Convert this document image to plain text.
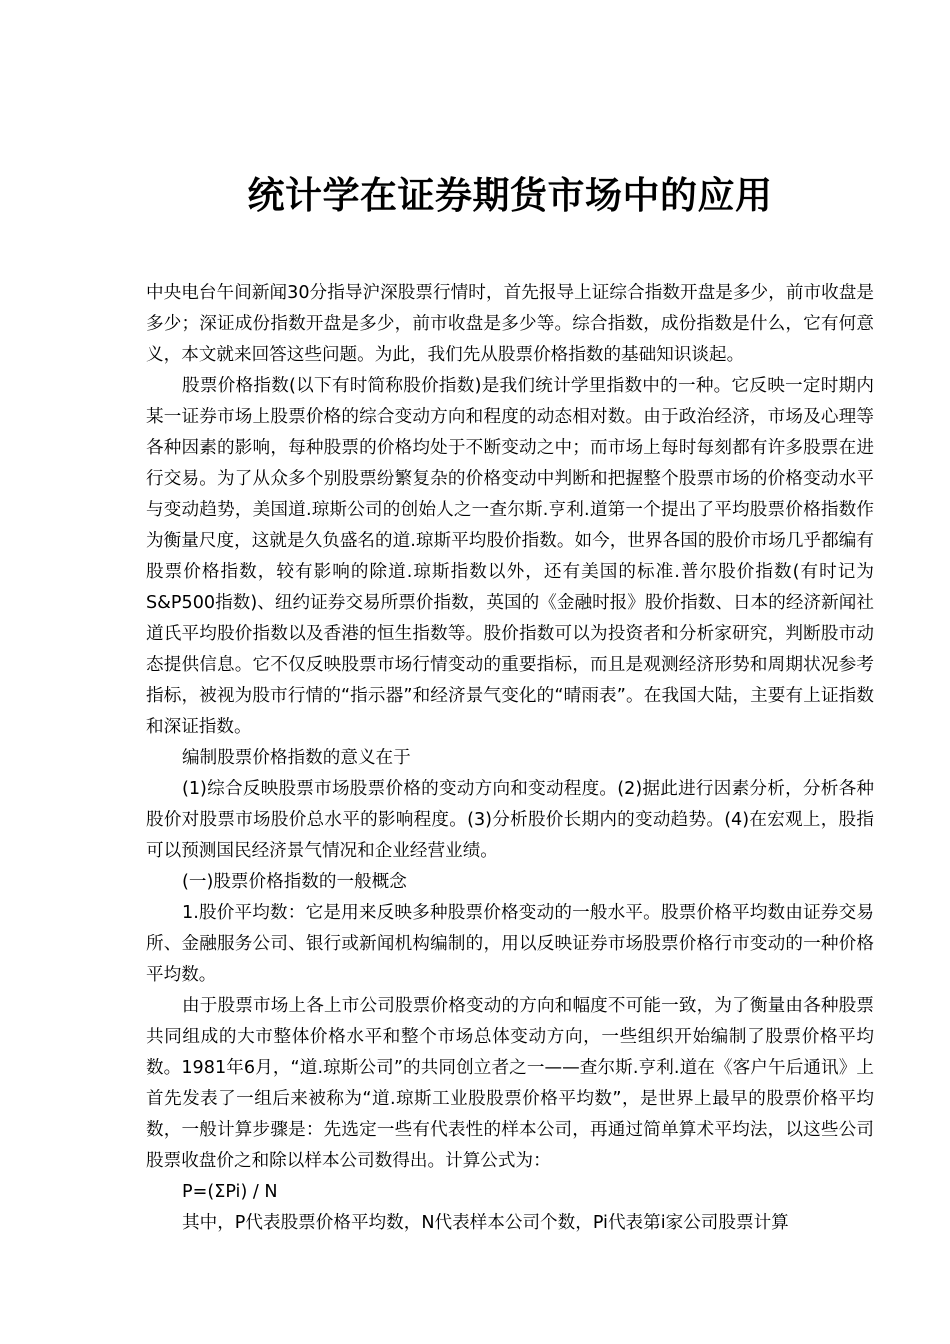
统计学在证券期货市场中的应用

中央电台午间新闻30分指导沪深股票行情时，首先报导上证综合指数开盘是多少，前市收盘是多少；深证成份指数开盘是多少，前市收盘是多少等。综合指数，成份指数是什么，它有何意义，本文就来回答这些问题。为此，我们先从股票价格指数的基础知识谈起。

股票价格指数(以下有时简称股价指数)是我们统计学里指数中的一种。它反映一定时期内某一证券市场上股票价格的综合变动方向和程度的动态相对数。由于政治经济，市场及心理等各种因素的影响，每种股票的价格均处于不断变动之中；而市场上每时每刻都有许多股票在进行交易。为了从众多个别股票纷繁复杂的价格变动中判断和把握整个股票市场的价格变动水平与变动趋势，美国道.琼斯公司的创始人之一查尔斯.亨利.道第一个提出了平均股票价格指数作为衡量尺度，这就是久负盛名的道.琼斯平均股价指数。如今，世界各国的股价市场几乎都编有股票价格指数，较有影响的除道.琼斯指数以外，还有美国的标准.普尔股价指数(有时记为S&P500指数)、纽约证券交易所票价指数，英国的《金融时报》股价指数、日本的经济新闻社道氏平均股价指数以及香港的恒生指数等。股价指数可以为投资者和分析家研究，判断股市动态提供信息。它不仅反映股票市场行情变动的重要指标，而且是观测经济形势和周期状况参考指标，被视为股市行情的“指示器”和经济景气变化的“晴雨表”。在我国大陆，主要有上证指数和深证指数。

编制股票价格指数的意义在于

(1)综合反映股票市场股票价格的变动方向和变动程度。(2)据此进行因素分析，分析各种股价对股票市场股价总水平的影响程度。(3)分析股价长期内的变动趋势。(4)在宏观上，股指可以预测国民经济景气情况和企业经营业绩。

(一)股票价格指数的一般概念

1.股价平均数：它是用来反映多种股票价格变动的一般水平。股票价格平均数由证券交易所、金融服务公司、银行或新闻机构编制的，用以反映证券市场股票价格行市变动的一种价格平均数。

由于股票市场上各上市公司股票价格变动的方向和幅度不可能一致，为了衡量由各种股票共同组成的大市整体价格水平和整个市场总体变动方向，一些组织开始编制了股票价格平均数。1981年6月，“道.琼斯公司”的共同创立者之一——查尔斯.亨利.道在《客户午后通讯》上首先发表了一组后来被称为“道.琼斯工业股股票价格平均数”，是世界上最早的股票价格平均数，一般计算步骤是：先选定一些有代表性的样本公司，再通过简单算术平均法，以这些公司股票收盘价之和除以样本公司数得出。计算公式为：

P=(ΣPi) / N

其中，P代表股票价格平均数，N代表样本公司个数，Pi代表第i家公司股票计算
